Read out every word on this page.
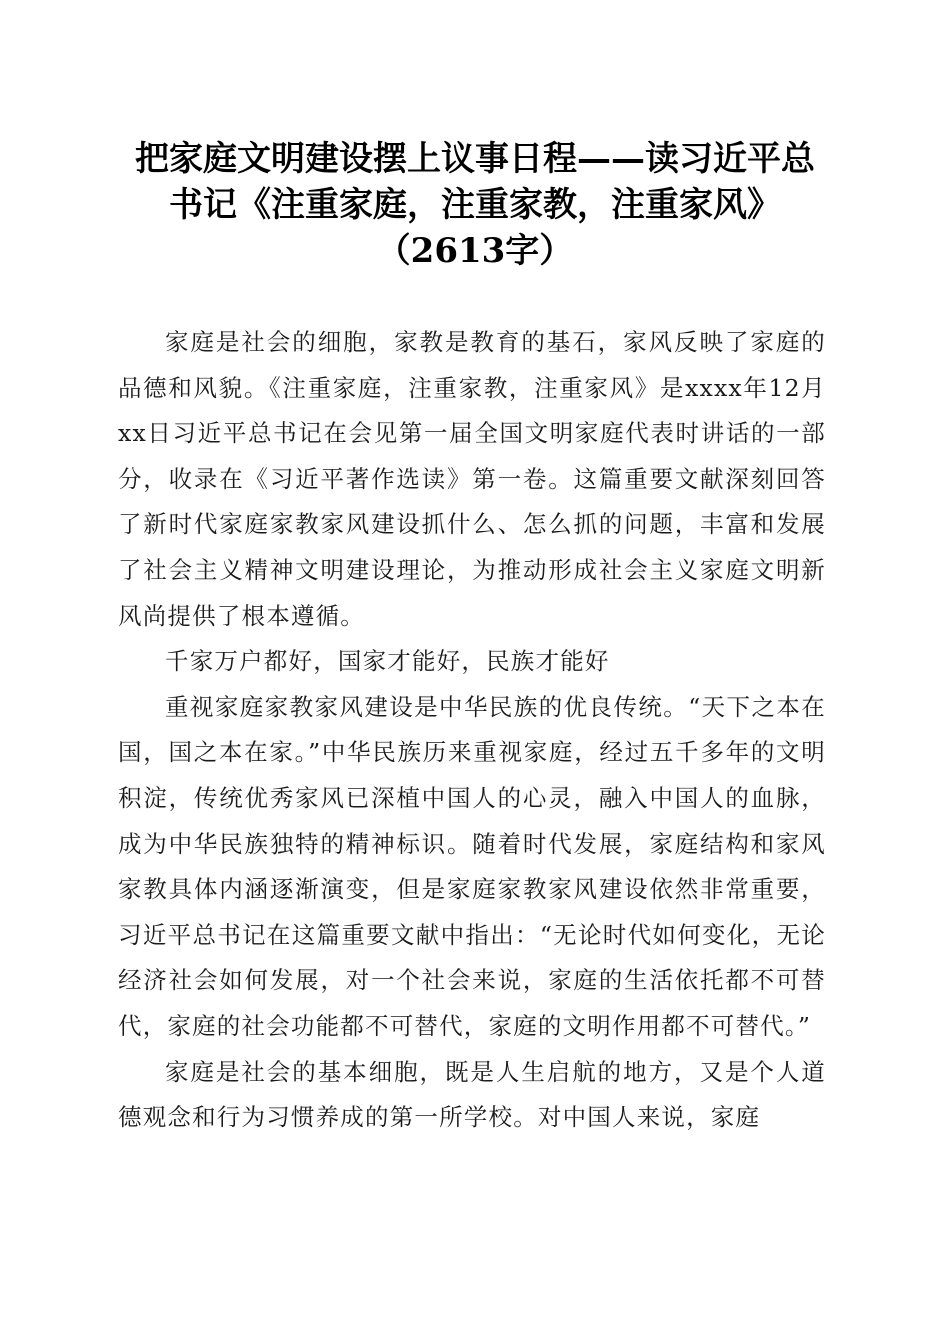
把家庭文明建设摆上议事日程——读习近平总
书记《注重家庭，注重家教，注重家风》
（2613字）

家庭是社会的细胞，家教是教育的基石，家风反映了家庭的品德和风貌。《注重家庭，注重家教，注重家风》是xxxx年12月xx日习近平总书记在会见第一届全国文明家庭代表时讲话的一部分，收录在《习近平著作选读》第一卷。这篇重要文献深刻回答了新时代家庭家教家风建设抓什么、怎么抓的问题，丰富和发展了社会主义精神文明建设理论，为推动形成社会主义家庭文明新风尚提供了根本遵循。

千家万户都好，国家才能好，民族才能好

重视家庭家教家风建设是中华民族的优良传统。“天下之本在国，国之本在家。”中华民族历来重视家庭，经过五千多年的文明积淀，传统优秀家风已深植中国人的心灵，融入中国人的血脉，成为中华民族独特的精神标识。随着时代发展，家庭结构和家风家教具体内涵逐渐演变，但是家庭家教家风建设依然非常重要，习近平总书记在这篇重要文献中指出：“无论时代如何变化，无论经济社会如何发展，对一个社会来说，家庭的生活依托都不可替代，家庭的社会功能都不可替代，家庭的文明作用都不可替代。”

家庭是社会的基本细胞，既是人生启航的地方，又是个人道德观念和行为习惯养成的第一所学校。对中国人来说，家庭
